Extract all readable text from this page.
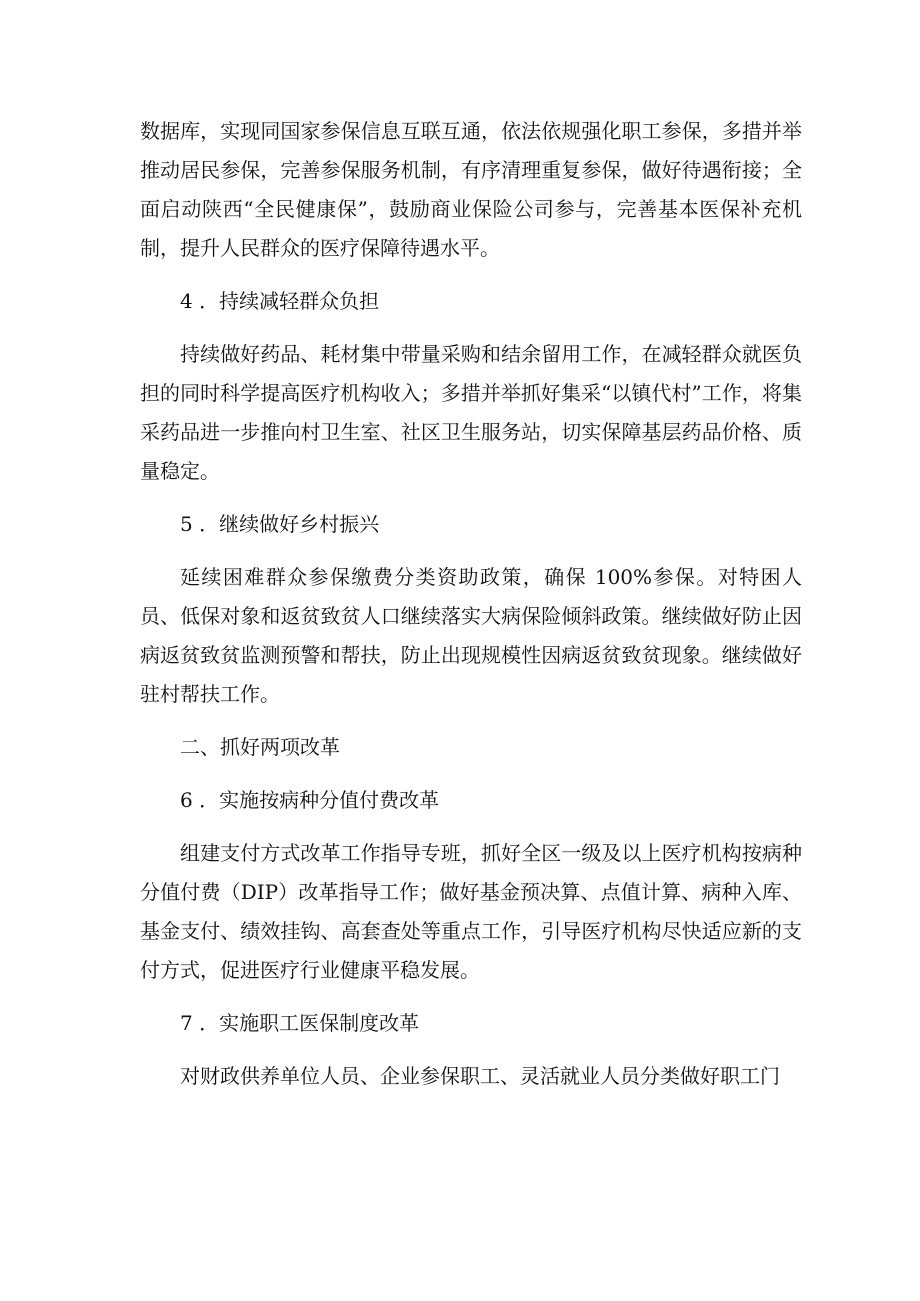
数据库，实现同国家参保信息互联互通，依法依规强化职工参保，多措并举推动居民参保，完善参保服务机制，有序清理重复参保，做好待遇衔接；全面启动陕西“全民健康保”，鼓励商业保险公司参与，完善基本医保补充机制，提升人民群众的医疗保障待遇水平。

4 ．持续减轻群众负担

持续做好药品、耗材集中带量采购和结余留用工作，在减轻群众就医负担的同时科学提高医疗机构收入；多措并举抓好集采“以镇代村”工作，将集采药品进一步推向村卫生室、社区卫生服务站，切实保障基层药品价格、质量稳定。

5 ．继续做好乡村振兴

延续困难群众参保缴费分类资助政策，确保 100%参保。对特困人员、低保对象和返贫致贫人口继续落实大病保险倾斜政策。继续做好防止因病返贫致贫监测预警和帮扶，防止出现规模性因病返贫致贫现象。继续做好驻村帮扶工作。

二、抓好两项改革

6 ．实施按病种分值付费改革

组建支付方式改革工作指导专班，抓好全区一级及以上医疗机构按病种分值付费（DIP）改革指导工作；做好基金预决算、点值计算、病种入库、基金支付、绩效挂钩、高套查处等重点工作，引导医疗机构尽快适应新的支付方式，促进医疗行业健康平稳发展。

7 ．实施职工医保制度改革

对财政供养单位人员、企业参保职工、灵活就业人员分类做好职工门
